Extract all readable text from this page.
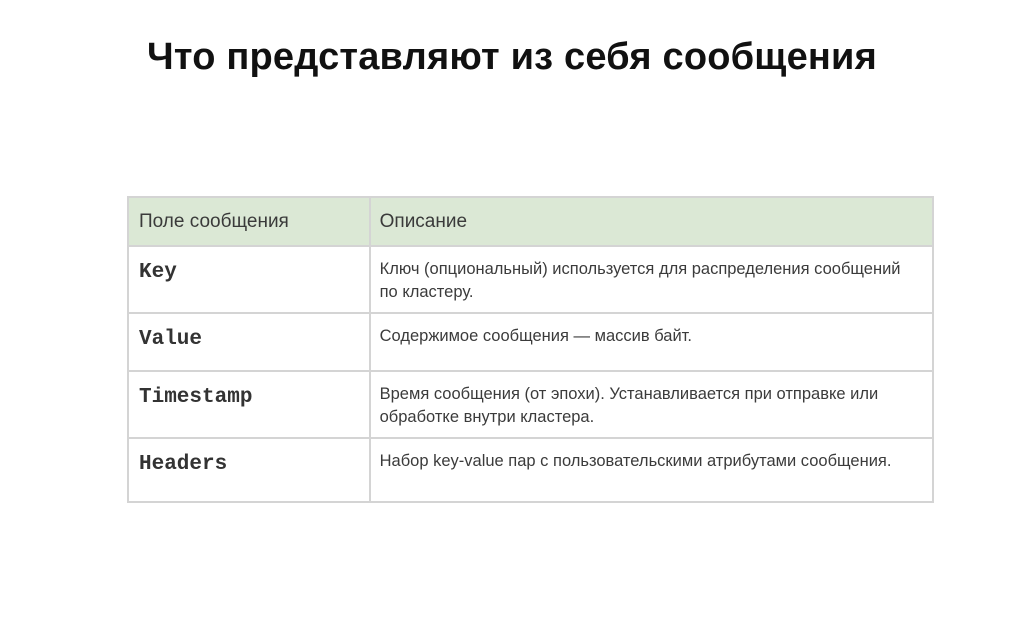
Что представляют из себя сообщения
Поле сообщения	Описание

Key	Ключ (опциональный) используется для распределения сообщений по кластеру.

Value	Содержимое сообщения — массив байт.

Timestamp	Время сообщения (от эпохи). Устанавливается при отправке или обработке внутри кластера.

Headers	Набор key-value пар с пользовательскими атрибутами сообщения.
